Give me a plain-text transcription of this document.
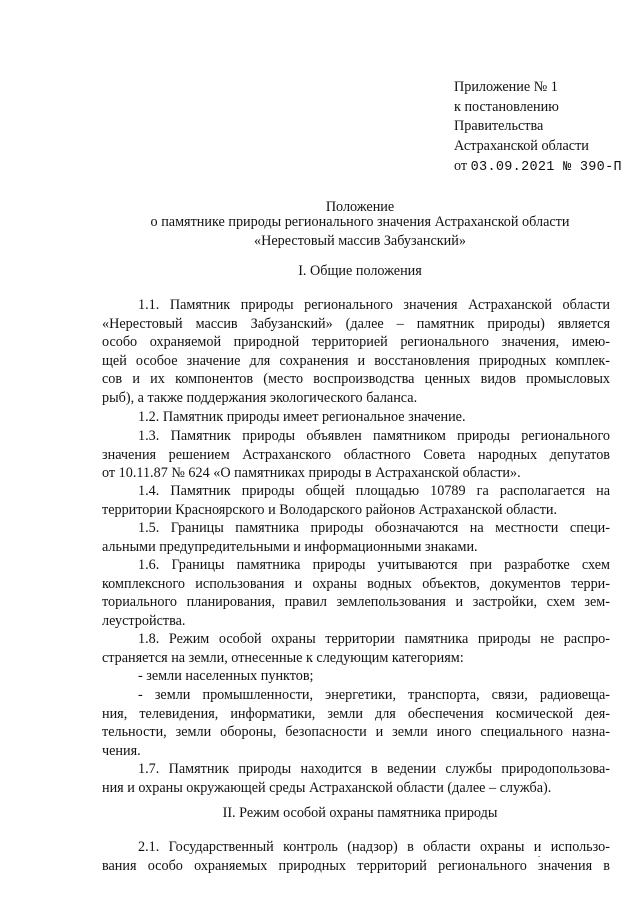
Приложение № 1
к постановлению
Правительства
Астраханской области
от 03.09.2021 № 390-П
Положение
о памятнике природы регионального значения Астраханской области
«Нерестовый массив Забузанский»
I. Общие положения
1.1. Памятник природы регионального значения Астраханской области
«Нерестовый массив Забузанский» (далее – памятник природы) является
особо охраняемой природной территорией регионального значения, имею-
щей особое значение для сохранения и восстановления природных комплек-
сов и их компонентов (место воспроизводства ценных видов промысловых
рыб), а также поддержания экологического баланса.
1.2. Памятник природы имеет региональное значение.
1.3. Памятник природы объявлен памятником природы регионального
значения решением Астраханского областного Совета народных депутатов
от 10.11.87 № 624 «О памятниках природы в Астраханской области».
1.4. Памятник природы общей площадью 10789 га располагается на
территории Красноярского и Володарского районов Астраханской области.
1.5. Границы памятника природы обозначаются на местности специ-
альными предупредительными и информационными знаками.
1.6. Границы памятника природы учитываются при разработке схем
комплексного использования и охраны водных объектов, документов терри-
ториального планирования, правил землепользования и застройки, схем зем-
леустройства.
1.8. Режим особой охраны территории памятника природы не распро-
страняется на земли, отнесенные к следующим категориям:
- земли населенных пунктов;
- земли промышленности, энергетики, транспорта, связи, радиовеща-
ния, телевидения, информатики, земли для обеспечения космической дея-
тельности, земли обороны, безопасности и земли иного специального назна-
чения.
1.7. Памятник природы находится в ведении службы природопользова-
ния и охраны окружающей среды Астраханской области (далее – служба).
II. Режим особой охраны памятника природы
2.1. Государственный контроль (надзор) в области охраны и использо-
вания особо охраняемых природных территорий регионального значения в
